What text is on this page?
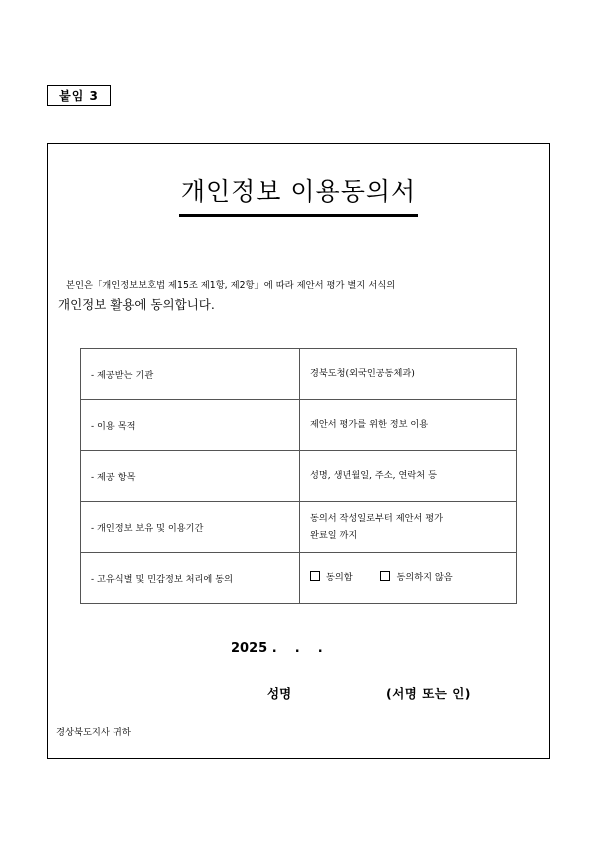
붙임 3
개인정보 이용동의서
본인은「개인정보보호법 제15조 제1항, 제2항」에 따라 제안서 평가 별지 서식의
개인정보 활용에 동의합니다.
- 제공받는 기관	경북도청(외국인공동체과)
- 이용 목적	제안서 평가를 위한 정보 이용
- 제공 항목	성명, 생년월일, 주소, 연락처 등
- 개인정보 보유 및 이용기간	동의서 작성일로부터 제안서 평가
완료일 까지

- 고유식별 및 민감정보 처리에 동의	동의함 동의하지 않음
2025 .    .    .
성명	(서명 또는 인)
경상북도지사 귀하
